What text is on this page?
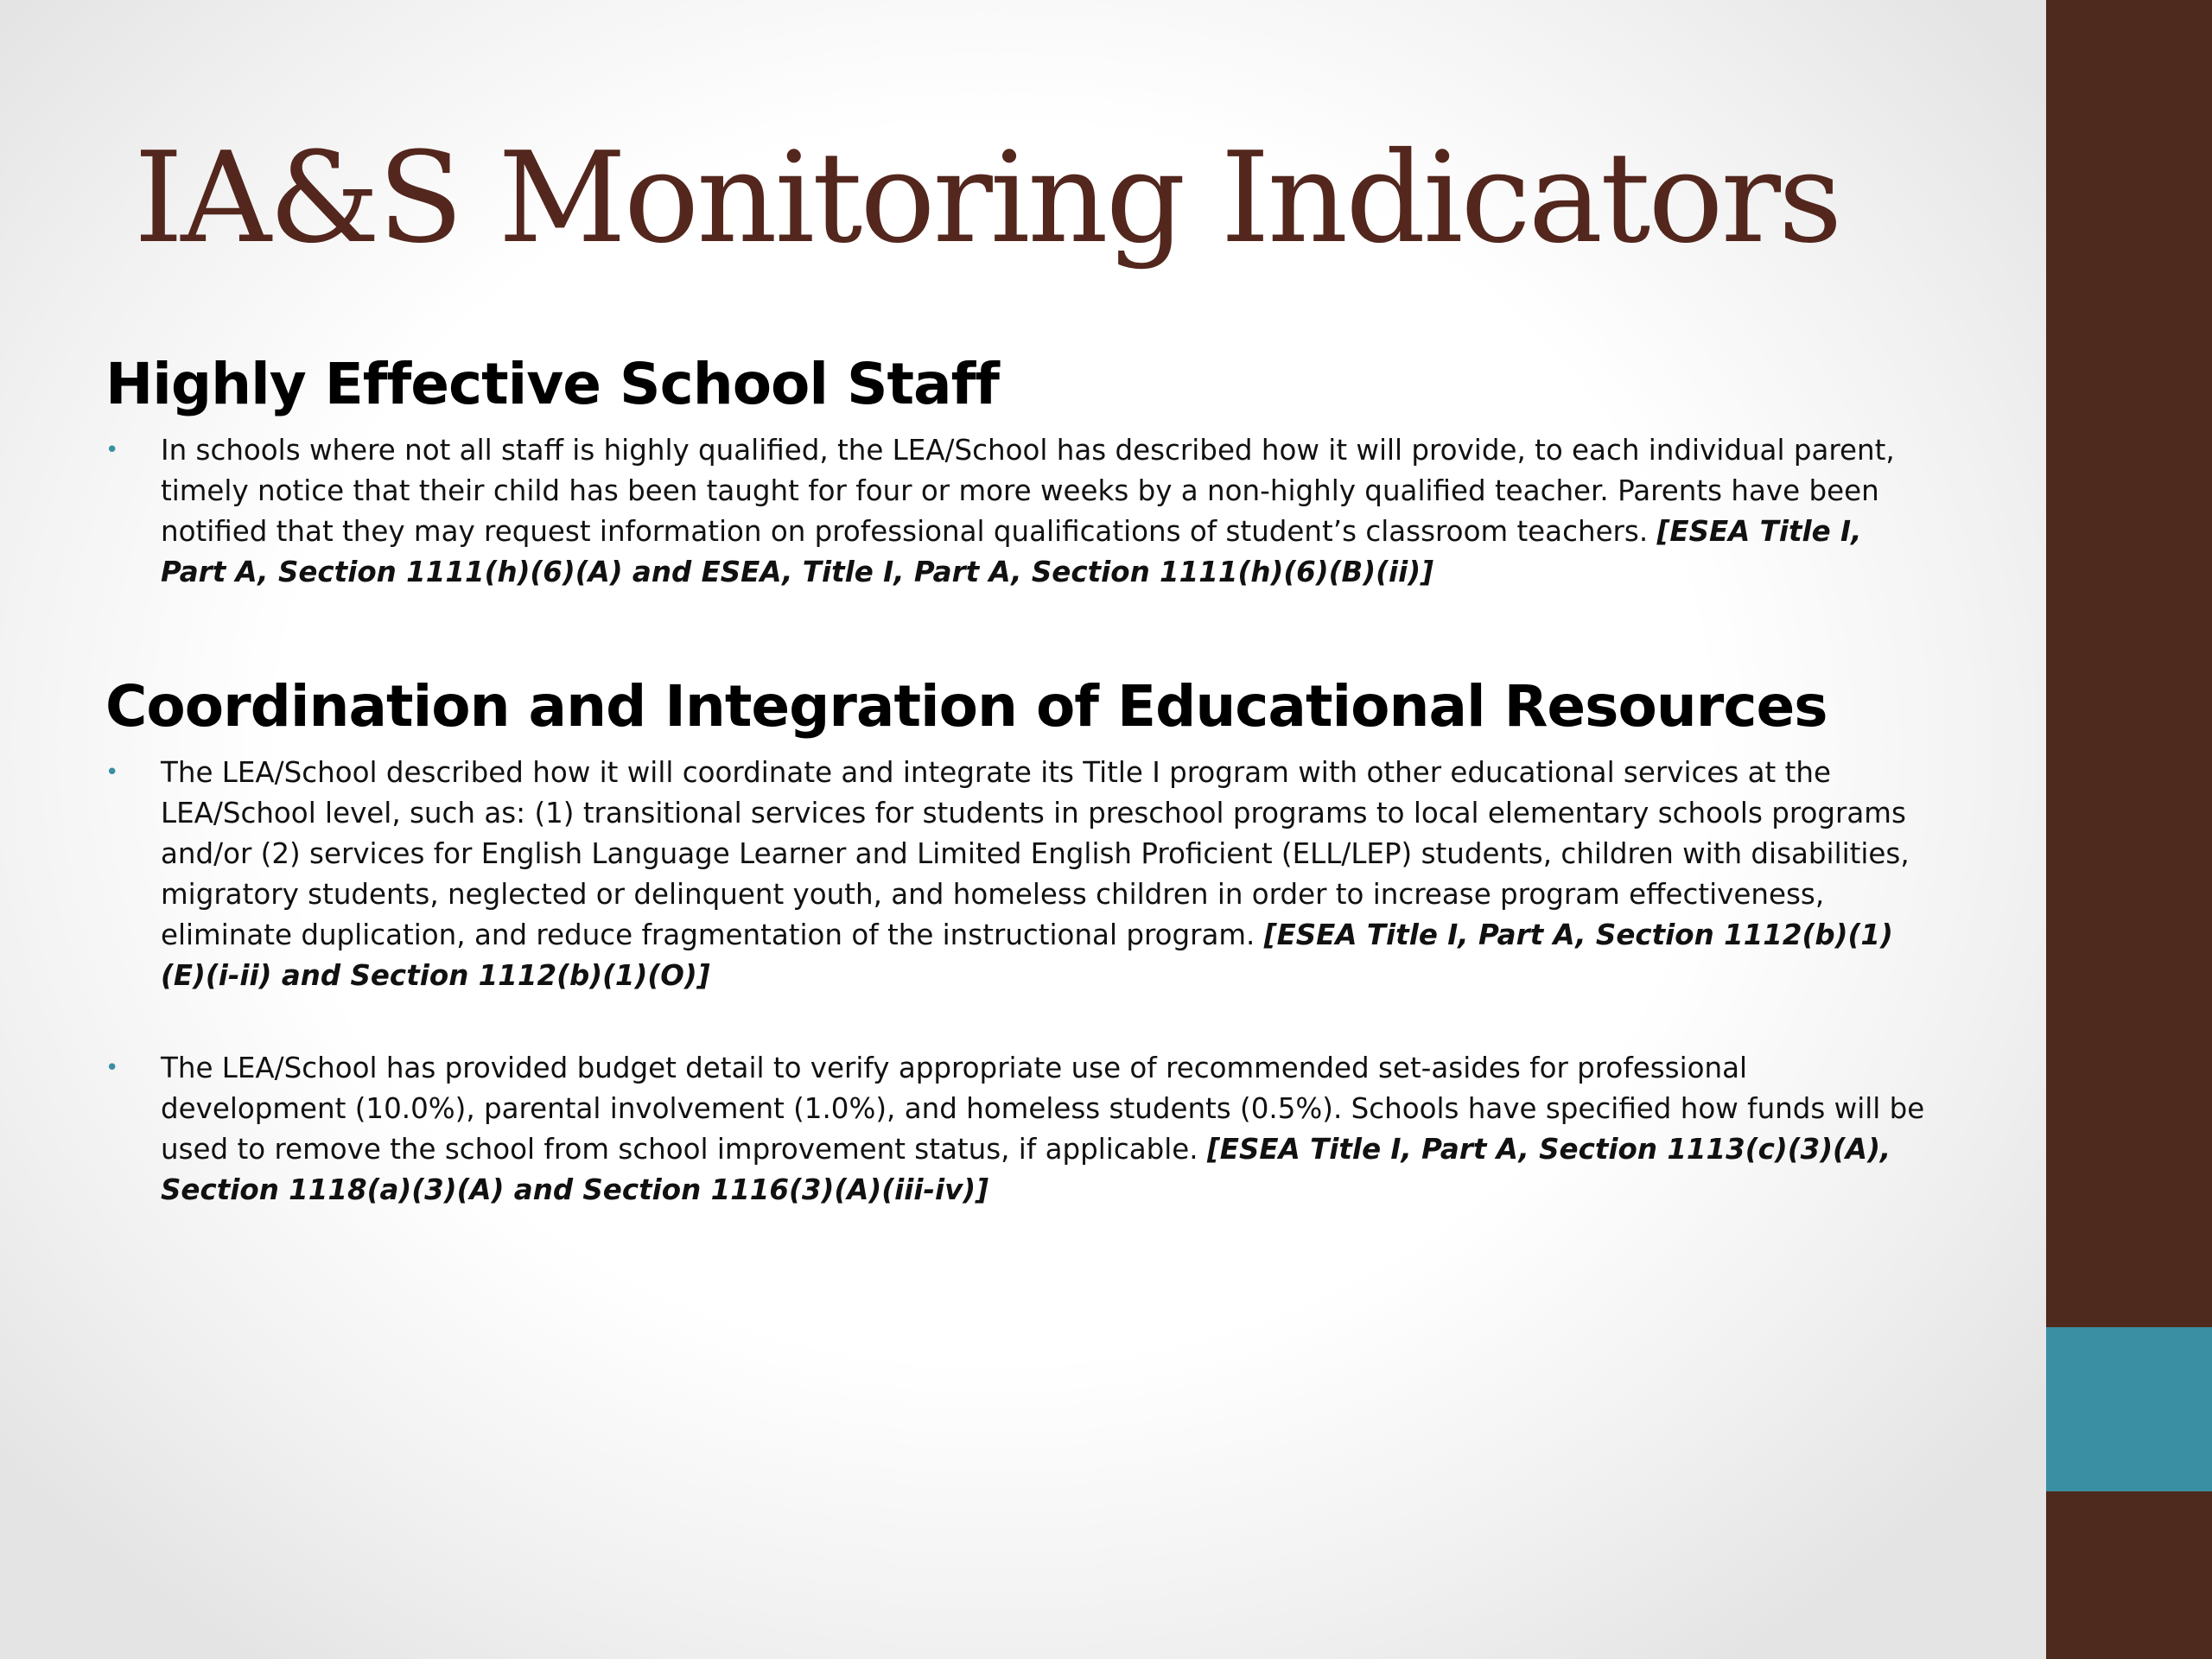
IA&S Monitoring Indicators
Highly Effective School Staff
• In schools where not all staff is highly qualified, the LEA/School has described how it will provide, to each individual parent, timely notice that their child has been taught for four or more weeks by a non-highly qualified teacher. Parents have been notified that they may request information on professional qualifications of student’s classroom teachers. [ESEA Title I, Part A, Section 1111(h)(6)(A) and ESEA, Title I, Part A, Section 1111(h)(6)(B)(ii)]
Coordination and Integration of Educational Resources
• The LEA/School described how it will coordinate and integrate its Title I program with other educational services at the LEA/School level, such as: (1) transitional services for students in preschool programs to local elementary schools programs and/or (2) services for English Language Learner and Limited English Proficient (ELL/LEP) students, children with disabilities, migratory students, neglected or delinquent youth, and homeless children in order to increase program effectiveness, eliminate duplication, and reduce fragmentation of the instructional program. [ESEA Title I, Part A, Section 1112(b)(1)(E)(i-ii) and Section 1112(b)(1)(O)]
• The LEA/School has provided budget detail to verify appropriate use of recommended set-asides for professional development (10.0%), parental involvement (1.0%), and homeless students (0.5%). Schools have specified how funds will be used to remove the school from school improvement status, if applicable. [ESEA Title I, Part A, Section 1113(c)(3)(A), Section 1118(a)(3)(A) and Section 1116(3)(A)(iii-iv)]
